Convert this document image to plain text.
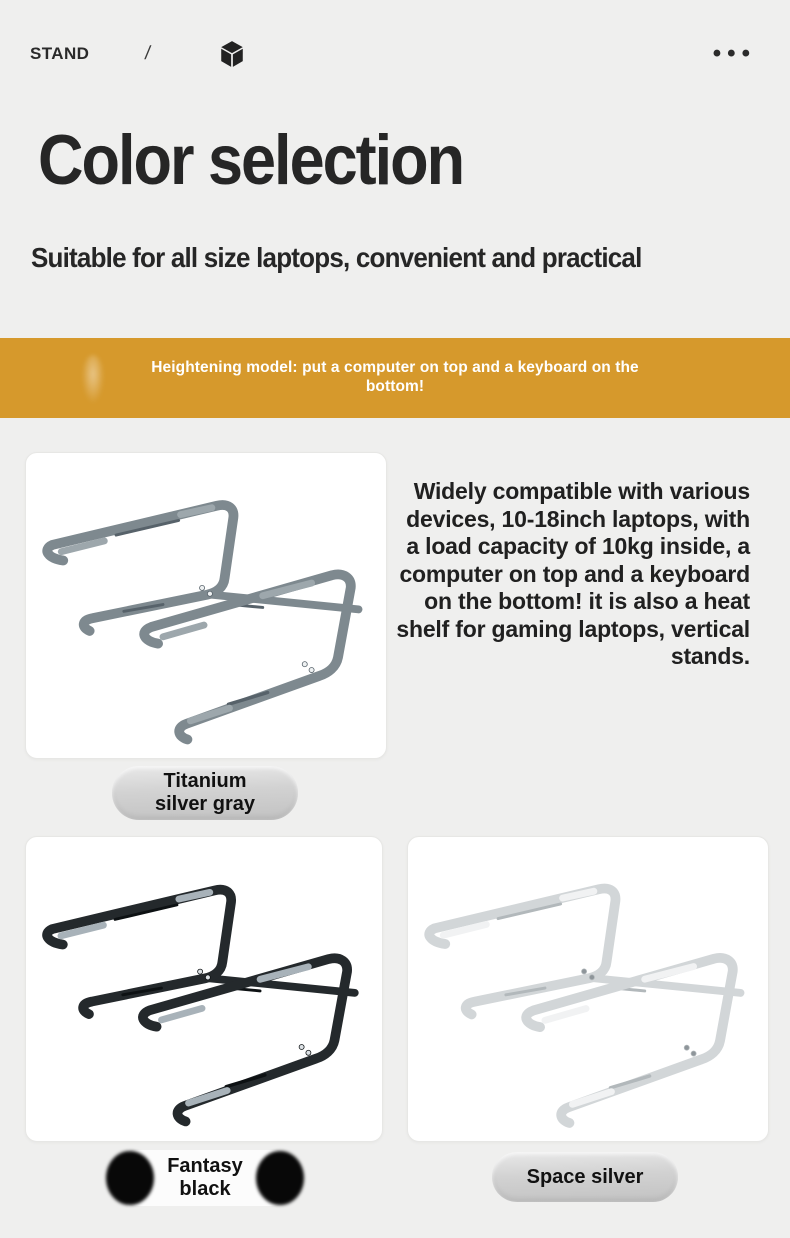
STAND	/	•••
Color selection
Suitable for all size laptops, convenient and practical
Heightening model: put a computer on top and a keyboard on the bottom!
Widely compatible with various devices, 10-18inch laptops, with a load capacity of 10kg inside, a computer on top and a keyboard on the bottom! it is also a heat shelf for gaming laptops, vertical stands.
Titanium
silver gray
Fantasy
black
Space silver
